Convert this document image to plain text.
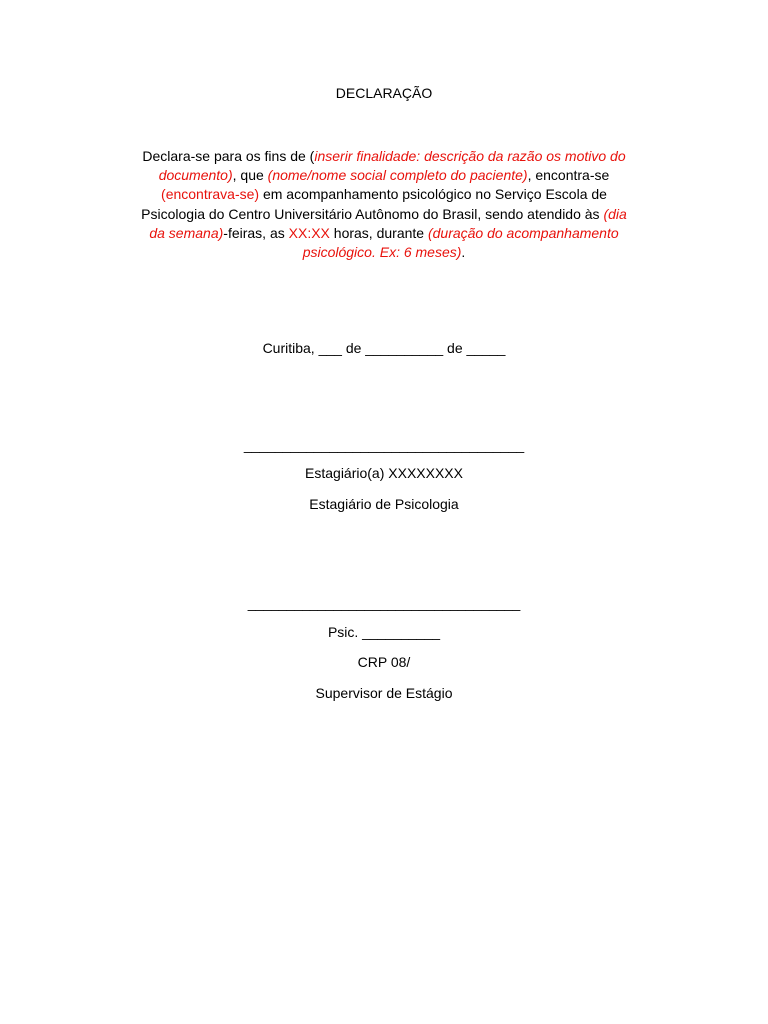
DECLARAÇÃO
Declara-se para os fins de (inserir finalidade: descrição da razão os motivo do
documento), que (nome/nome social completo do paciente), encontra-se
(encontrava-se) em acompanhamento psicológico no Serviço Escola de
Psicologia do Centro Universitário Autônomo do Brasil, sendo atendido às (dia
da semana)-feiras, as XX:XX horas, durante (duração do acompanhamento
psicológico. Ex: 6 meses).
Curitiba, ___ de __________ de _____
____________________________________
Estagiário(a) XXXXXXXX
Estagiário de Psicologia
___________________________________
Psic. __________
CRP 08/
Supervisor de Estágio
